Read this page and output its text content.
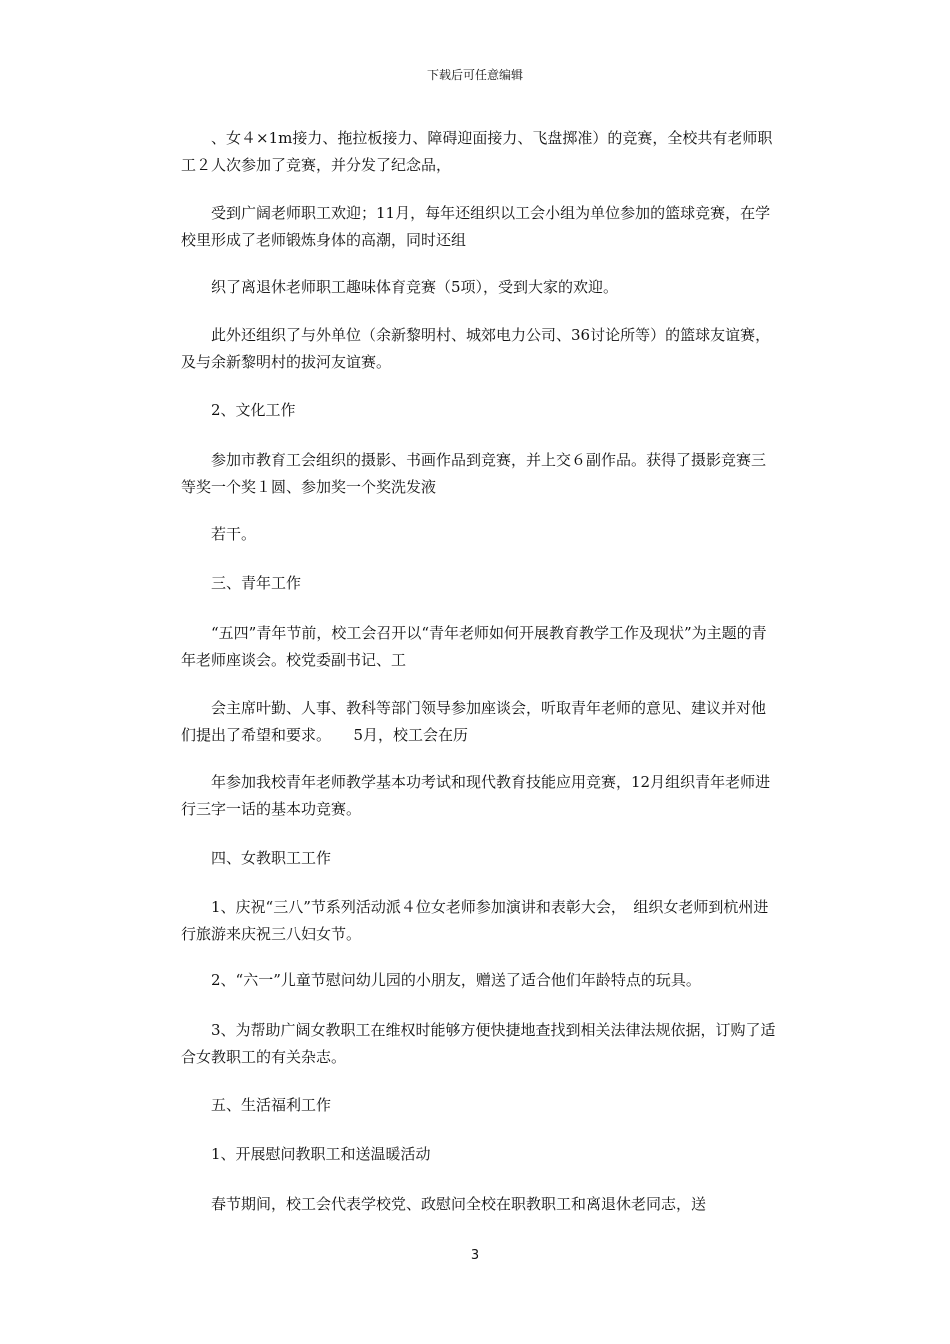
下载后可任意编辑

、女４×1m接力、拖拉板接力、障碍迎面接力、飞盘掷准）的竞赛，全校共有老师职工２人次参加了竞赛，并分发了纪念品，

受到广阔老师职工欢迎；11月，每年还组织以工会小组为单位参加的篮球竞赛，在学校里形成了老师锻炼身体的高潮，同时还组

织了离退休老师职工趣味体育竞赛（5项），受到大家的欢迎。

此外还组织了与外单位（余新黎明村、城郊电力公司、36讨论所等）的篮球友谊赛，及与余新黎明村的拔河友谊赛。

2、文化工作

参加市教育工会组织的摄影、书画作品到竞赛，并上交６副作品。获得了摄影竞赛三等奖一个奖１圆、参加奖一个奖洗发液

若干。

三、青年工作

“五四”青年节前，校工会召开以“青年老师如何开展教育教学工作及现状”为主题的青年老师座谈会。校党委副书记、工

会主席叶勤、人事、教科等部门领导参加座谈会，听取青年老师的意见、建议并对他们提出了希望和要求。　　5月，校工会在历

年参加我校青年老师教学基本功考试和现代教育技能应用竞赛，12月组织青年老师进行三字一话的基本功竞赛。

四、女教职工工作

1、庆祝“三八”节系列活动派４位女老师参加演讲和表彰大会，　组织女老师到杭州进行旅游来庆祝三八妇女节。

2、“六一”儿童节慰问幼儿园的小朋友，赠送了适合他们年龄特点的玩具。

3、为帮助广阔女教职工在维权时能够方便快捷地查找到相关法律法规依据，订购了适合女教职工的有关杂志。

五、生活福利工作

1、开展慰问教职工和送温暖活动

春节期间，校工会代表学校党、政慰问全校在职教职工和离退休老同志，送

3
